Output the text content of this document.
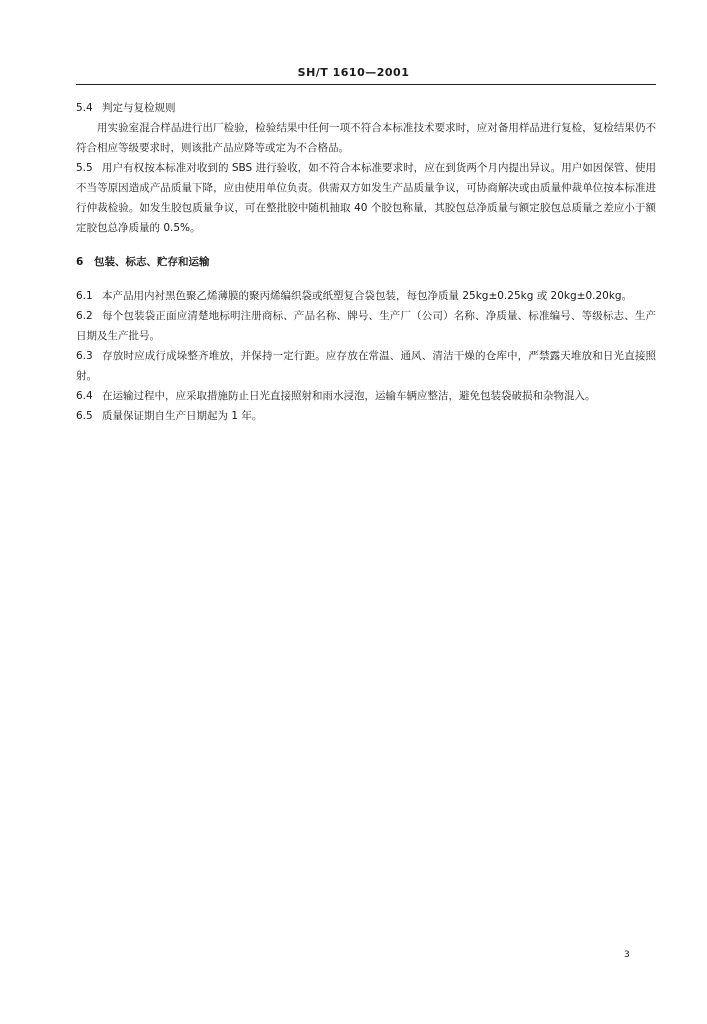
SH/T 1610—2001

5.4 判定与复检规则

用实验室混合样品进行出厂检验，检验结果中任何一项不符合本标准技术要求时，应对备用样品进行复检，复检结果仍不符合相应等级要求时，则该批产品应降等或定为不合格品。

5.5 用户有权按本标准对收到的 SBS 进行验收，如不符合本标准要求时，应在到货两个月内提出异议。用户如因保管、使用不当等原因造成产品质量下降，应由使用单位负责。供需双方如发生产品质量争议，可协商解决或由质量仲裁单位按本标准进行仲裁检验。如发生胶包质量争议，可在整批胶中随机抽取 40 个胶包称量，其胶包总净质量与额定胶包总质量之差应小于额定胶包总净质量的 0.5%。

6 包装、标志、贮存和运输

6.1 本产品用内衬黑色聚乙烯薄膜的聚丙烯编织袋或纸塑复合袋包装，每包净质量 25kg±0.25kg 或 20kg±0.20kg。

6.2 每个包装袋正面应清楚地标明注册商标、产品名称、牌号、生产厂（公司）名称、净质量、标准编号、等级标志、生产日期及生产批号。

6.3 存放时应成行成垛整齐堆放，并保持一定行距。应存放在常温、通风、清洁干燥的仓库中，严禁露天堆放和日光直接照射。

6.4 在运输过程中，应采取措施防止日光直接照射和雨水浸泡，运输车辆应整洁，避免包装袋破损和杂物混入。

6.5 质量保证期自生产日期起为 1 年。

3
